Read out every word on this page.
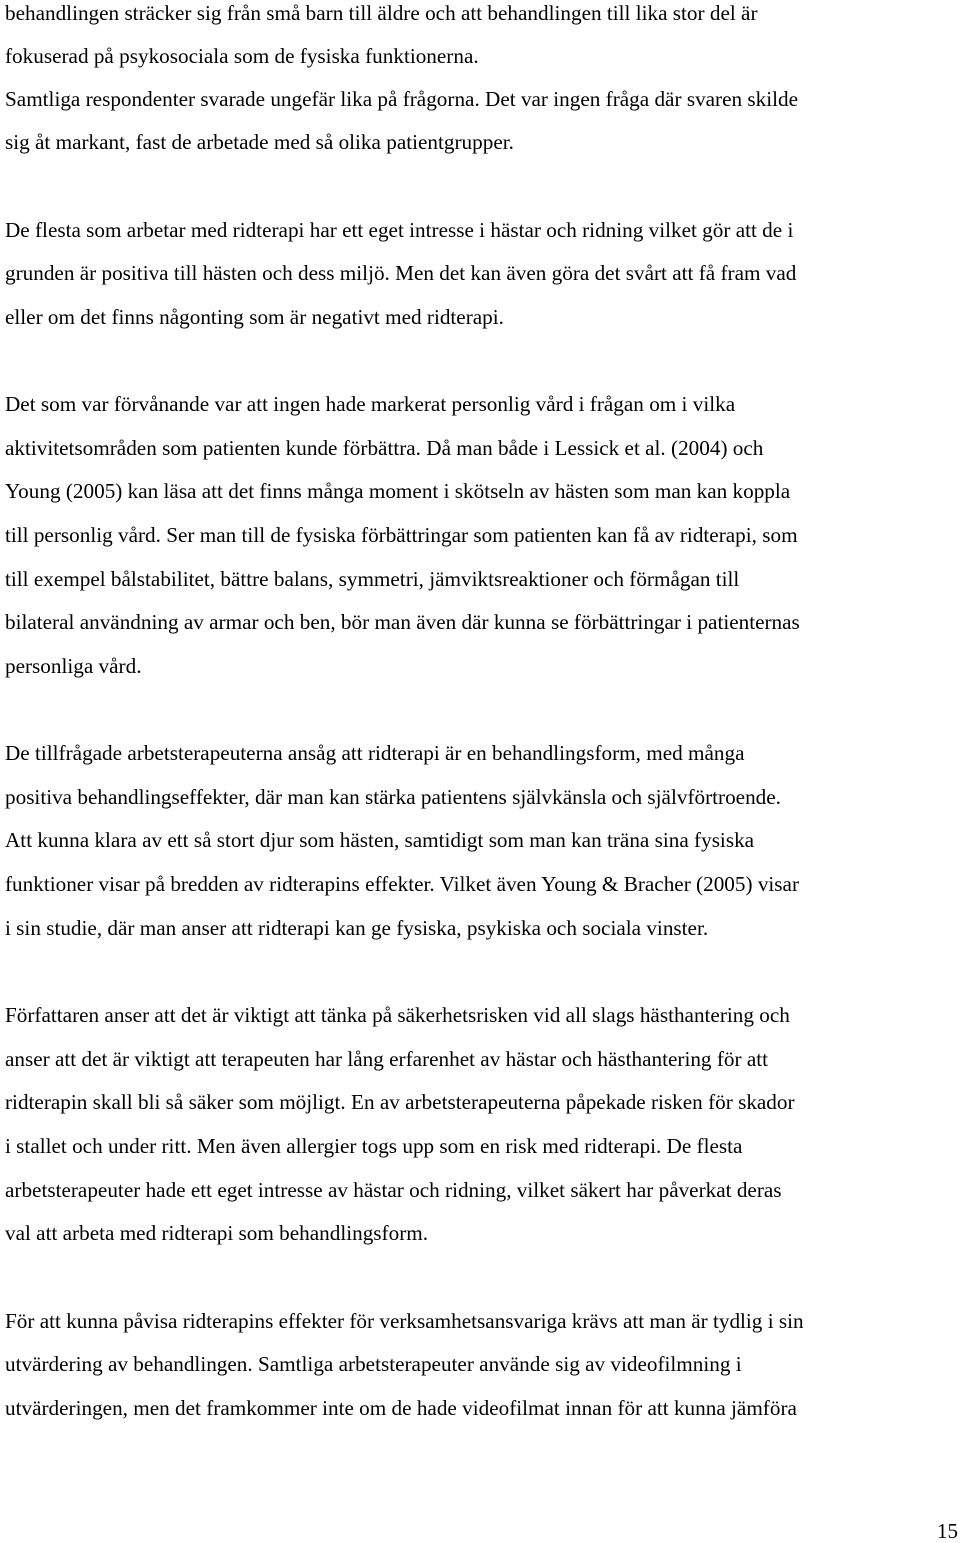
behandlingen sträcker sig från små barn till äldre och att behandlingen till lika stor del är
fokuserad på psykosociala som de fysiska funktionerna.
Samtliga respondenter svarade ungefär lika på frågorna. Det var ingen fråga där svaren skilde
sig åt markant, fast de arbetade med så olika patientgrupper.
De flesta som arbetar med ridterapi har ett eget intresse i hästar och ridning vilket gör att de i
grunden är positiva till hästen och dess miljö. Men det kan även göra det svårt att få fram vad
eller om det finns någonting som är negativt med ridterapi.
Det som var förvånande var att ingen hade markerat personlig vård i frågan om i vilka
aktivitetsområden som patienten kunde förbättra. Då man både i Lessick et al. (2004) och
Young (2005) kan läsa att det finns många moment i skötseln av hästen som man kan koppla
till personlig vård. Ser man till de fysiska förbättringar som patienten kan få av ridterapi, som
till exempel bålstabilitet, bättre balans, symmetri, jämviktsreaktioner och förmågan till
bilateral användning av armar och ben, bör man även där kunna se förbättringar i patienternas
personliga vård.
De tillfrågade arbetsterapeuterna ansåg att ridterapi är en behandlingsform, med många
positiva behandlingseffekter, där man kan stärka patientens självkänsla och självförtroende.
Att kunna klara av ett så stort djur som hästen, samtidigt som man kan träna sina fysiska
funktioner visar på bredden av ridterapins effekter. Vilket även Young & Bracher (2005) visar
i sin studie, där man anser att ridterapi kan ge fysiska, psykiska och sociala vinster.
Författaren anser att det är viktigt att tänka på säkerhetsrisken vid all slags hästhantering och
anser att det är viktigt att terapeuten har lång erfarenhet av hästar och hästhantering för att
ridterapin skall bli så säker som möjligt. En av arbetsterapeuterna påpekade risken för skador
i stallet och under ritt. Men även allergier togs upp som en risk med ridterapi. De flesta
arbetsterapeuter hade ett eget intresse av hästar och ridning, vilket säkert har påverkat deras
val att arbeta med ridterapi som behandlingsform.
För att kunna påvisa ridterapins effekter för verksamhetsansvariga krävs att man är tydlig i sin
utvärdering av behandlingen. Samtliga arbetsterapeuter använde sig av videofilmning i
utvärderingen, men det framkommer inte om de hade videofilmat innan för att kunna jämföra
15
